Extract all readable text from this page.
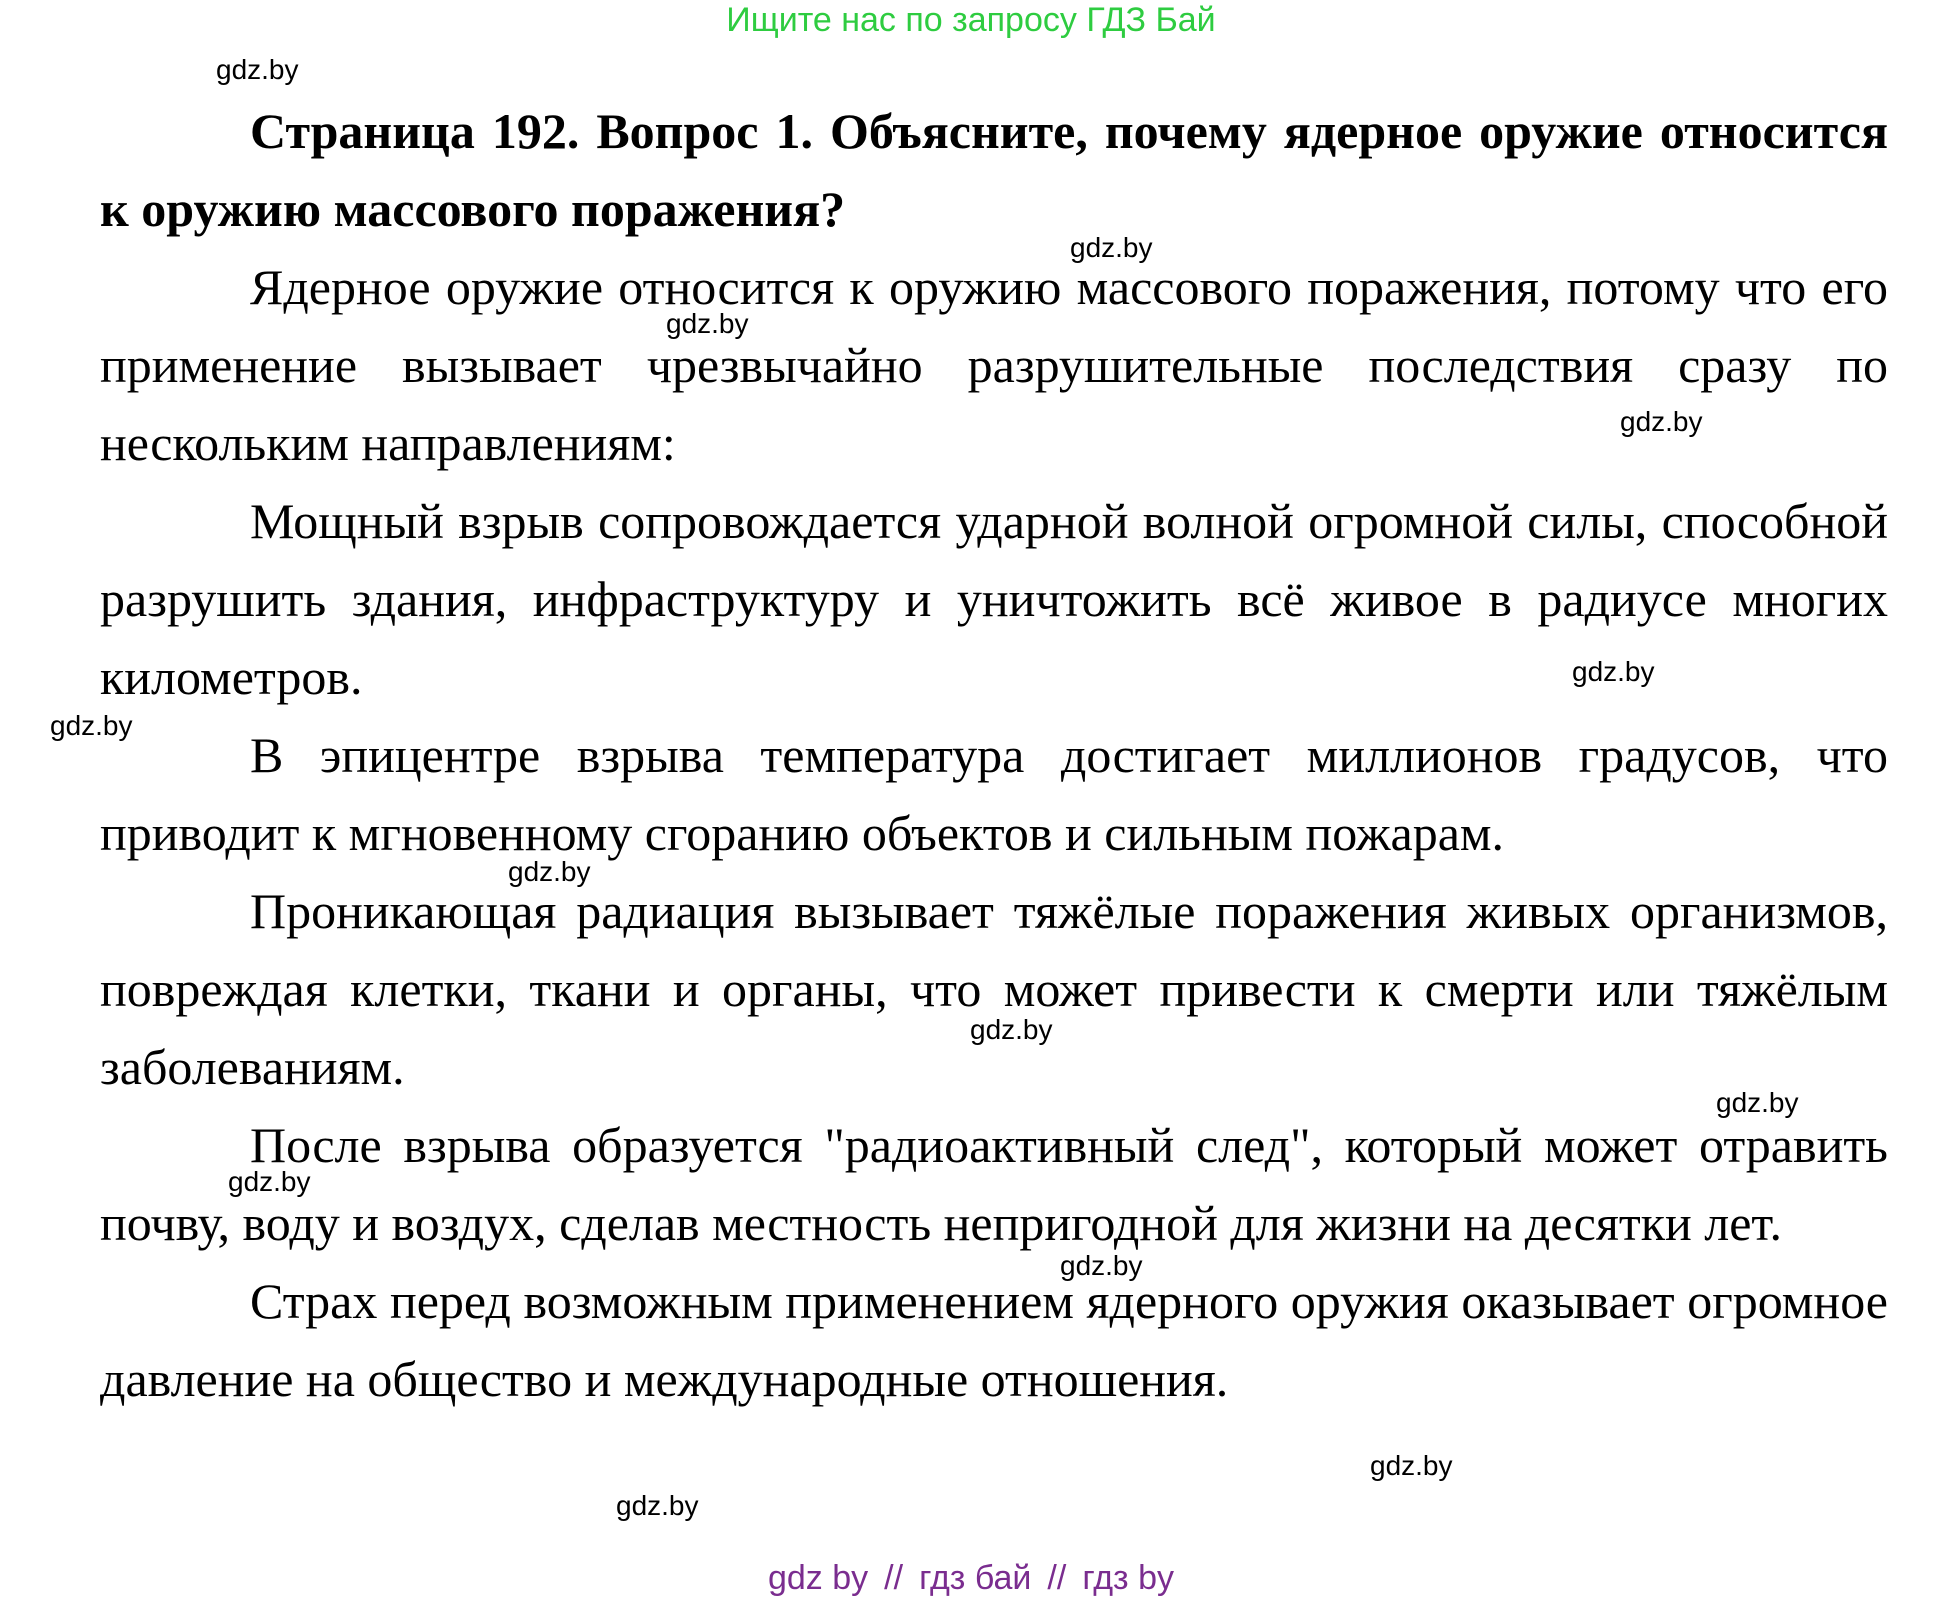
Ищите нас по запросу ГДЗ Бай

Страница 192. Вопрос 1. Объясните, почему ядерное оружие относится к оружию массового поражения?

Ядерное оружие относится к оружию массового поражения, потому что его применение вызывает чрезвычайно разрушительные последствия сразу по нескольким направлениям:

Мощный взрыв сопровождается ударной волной огромной силы, способной разрушить здания, инфраструктуру и уничтожить всё живое в радиусе многих километров.

В эпицентре взрыва температура достигает миллионов градусов, что приводит к мгновенному сгоранию объектов и сильным пожарам.

Проникающая радиация вызывает тяжёлые поражения живых организмов, повреждая клетки, ткани и органы, что может привести к смерти или тяжёлым заболеваниям.

После взрыва образуется "радиоактивный след", который может отравить почву, воду и воздух, сделав местность непригодной для жизни на десятки лет.

Страх перед возможным применением ядерного оружия оказывает огромное давление на общество и международные отношения.

gdz.by
gdz.by
gdz.by
gdz.by
gdz.by
gdz.by
gdz.by
gdz.by
gdz.by
gdz.by
gdz.by
gdz.by
gdz by // гдз бай // гдз by
gdz.by
